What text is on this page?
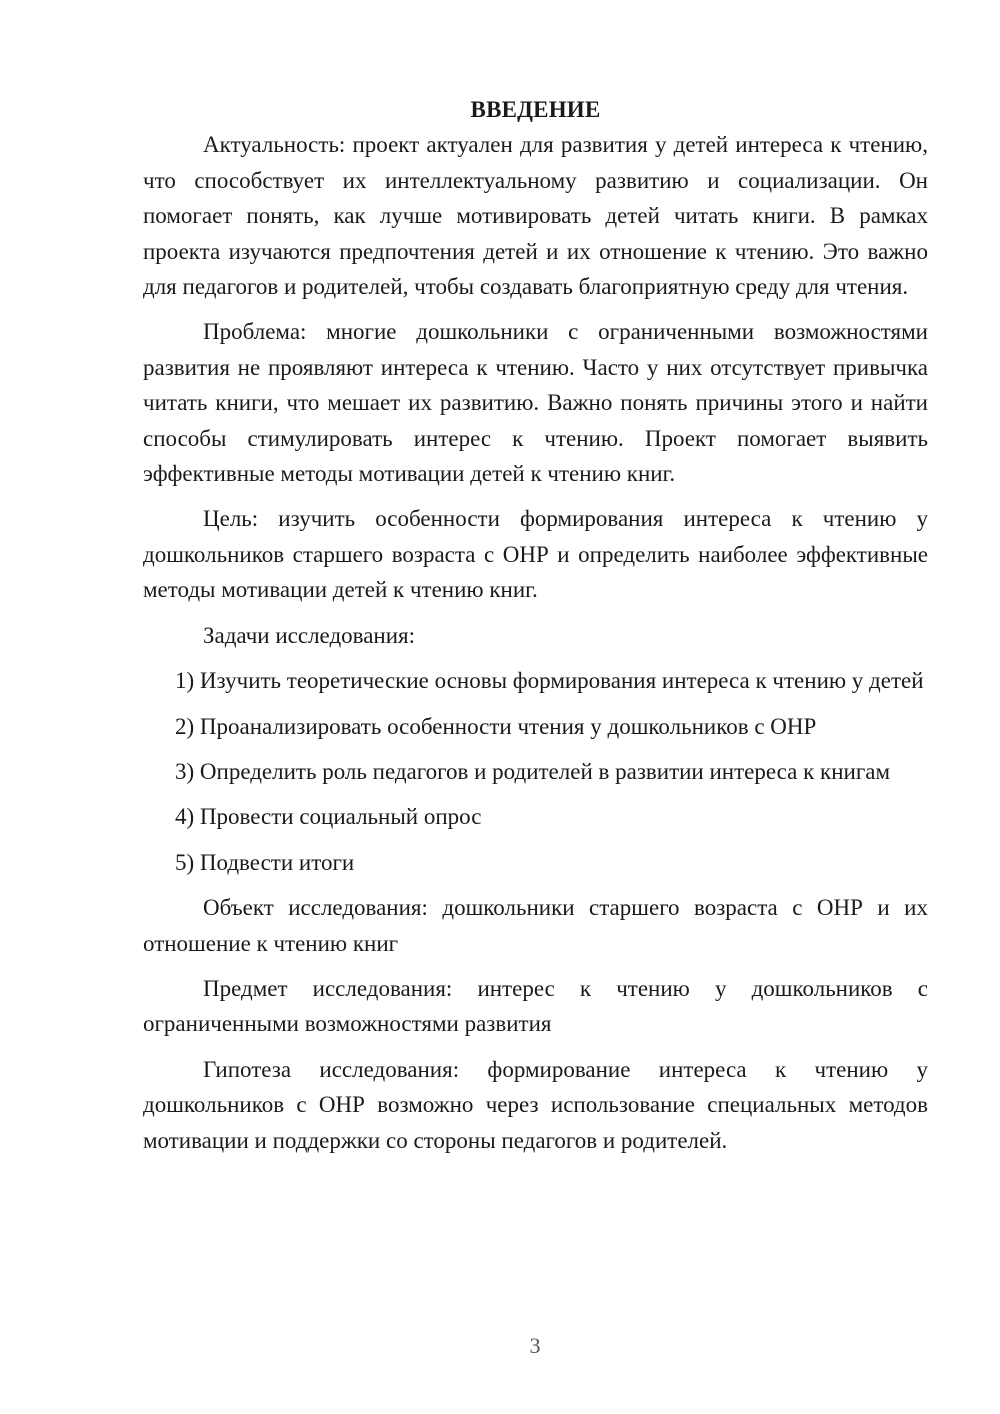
ВВЕДЕНИЕ

Актуальность: проект актуален для развития у детей интереса к чтению, что способствует их интеллектуальному развитию и социализации. Он помогает понять, как лучше мотивировать детей читать книги. В рамках проекта изучаются предпочтения детей и их отношение к чтению. Это важно для педагогов и родителей, чтобы создавать благоприятную среду для чтения.

Проблема: многие дошкольники с ограниченными возможностями развития не проявляют интереса к чтению. Часто у них отсутствует привычка читать книги, что мешает их развитию. Важно понять причины этого и найти способы стимулировать интерес к чтению. Проект помогает выявить эффективные методы мотивации детей к чтению книг.

Цель: изучить особенности формирования интереса к чтению у дошкольников старшего возраста с ОНР и определить наиболее эффективные методы мотивации детей к чтению книг.

Задачи исследования:

1) Изучить теоретические основы формирования интереса к чтению у детей

2) Проанализировать особенности чтения у дошкольников с ОНР

3) Определить роль педагогов и родителей в развитии интереса к книгам

4) Провести социальный опрос

5) Подвести итоги

Объект исследования: дошкольники старшего возраста с ОНР и их отношение к чтению книг

Предмет исследования: интерес к чтению у дошкольников с ограниченными возможностями развития

Гипотеза исследования: формирование интереса к чтению у дошкольников с ОНР возможно через использование специальных методов мотивации и поддержки со стороны педагогов и родителей.

3
